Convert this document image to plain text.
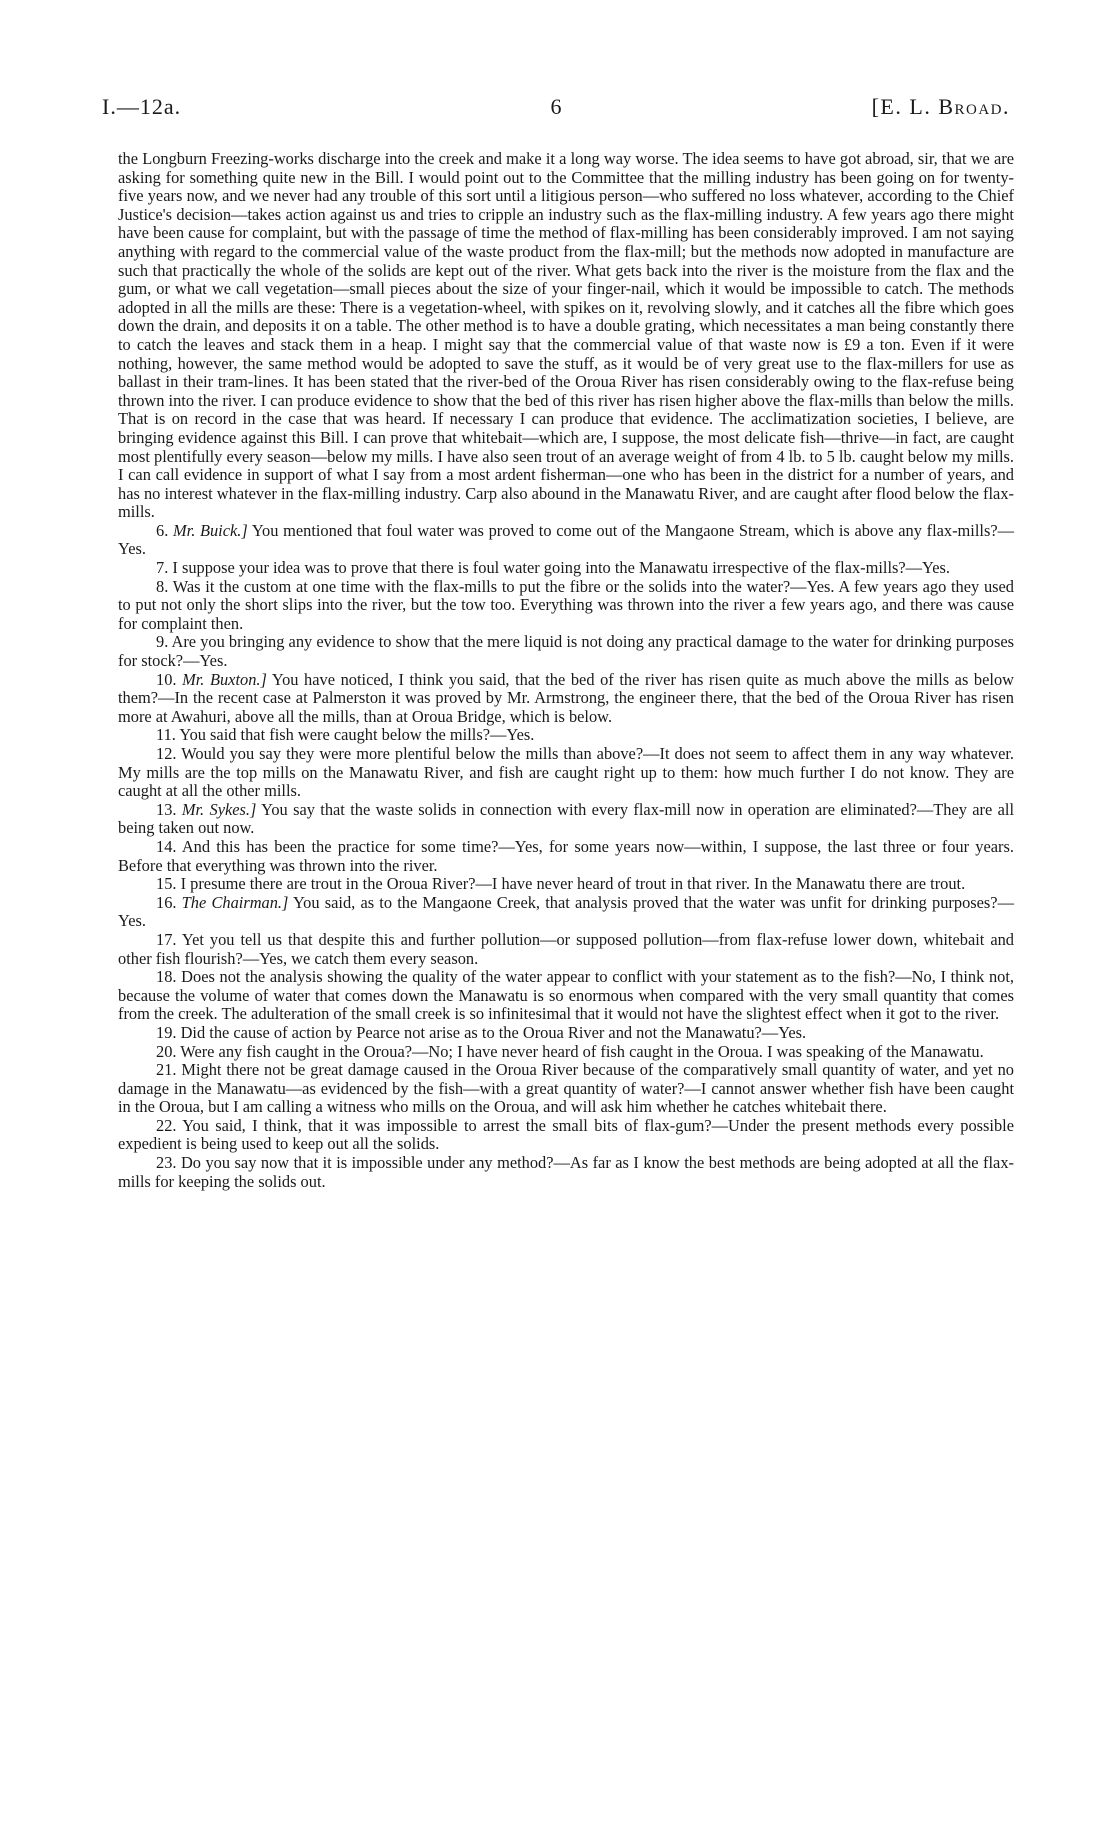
I.—12a.	6	[E. L. Broad.

the Longburn Freezing-works discharge into the creek and make it a long way worse. The idea seems to have got abroad, sir, that we are asking for something quite new in the Bill. I would point out to the Committee that the milling industry has been going on for twenty-five years now, and we never had any trouble of this sort until a litigious person—who suffered no loss whatever, according to the Chief Justice's decision—takes action against us and tries to cripple an industry such as the flax-milling industry. A few years ago there might have been cause for complaint, but with the passage of time the method of flax-milling has been considerably improved. I am not saying anything with regard to the commercial value of the waste product from the flax-mill; but the methods now adopted in manufacture are such that practically the whole of the solids are kept out of the river. What gets back into the river is the moisture from the flax and the gum, or what we call vegetation—small pieces about the size of your finger-nail, which it would be impossible to catch. The methods adopted in all the mills are these: There is a vegetation-wheel, with spikes on it, revolving slowly, and it catches all the fibre which goes down the drain, and deposits it on a table. The other method is to have a double grating, which necessitates a man being constantly there to catch the leaves and stack them in a heap. I might say that the commercial value of that waste now is £9 a ton. Even if it were nothing, however, the same method would be adopted to save the stuff, as it would be of very great use to the flax-millers for use as ballast in their tram-lines. It has been stated that the river-bed of the Oroua River has risen considerably owing to the flax-refuse being thrown into the river. I can produce evidence to show that the bed of this river has risen higher above the flax-mills than below the mills. That is on record in the case that was heard. If necessary I can produce that evidence. The acclimatization societies, I believe, are bringing evidence against this Bill. I can prove that whitebait—which are, I suppose, the most delicate fish—thrive—in fact, are caught most plentifully every season—below my mills. I have also seen trout of an average weight of from 4 lb. to 5 lb. caught below my mills. I can call evidence in support of what I say from a most ardent fisherman—one who has been in the district for a number of years, and has no interest whatever in the flax-milling industry. Carp also abound in the Manawatu River, and are caught after flood below the flax-mills.

6. Mr. Buick.] You mentioned that foul water was proved to come out of the Mangaone Stream, which is above any flax-mills?—Yes.

7. I suppose your idea was to prove that there is foul water going into the Manawatu irrespective of the flax-mills?—Yes.

8. Was it the custom at one time with the flax-mills to put the fibre or the solids into the water?—Yes. A few years ago they used to put not only the short slips into the river, but the tow too. Everything was thrown into the river a few years ago, and there was cause for complaint then.

9. Are you bringing any evidence to show that the mere liquid is not doing any practical damage to the water for drinking purposes for stock?—Yes.

10. Mr. Buxton.] You have noticed, I think you said, that the bed of the river has risen quite as much above the mills as below them?—In the recent case at Palmerston it was proved by Mr. Armstrong, the engineer there, that the bed of the Oroua River has risen more at Awahuri, above all the mills, than at Oroua Bridge, which is below.

11. You said that fish were caught below the mills?—Yes.

12. Would you say they were more plentiful below the mills than above?—It does not seem to affect them in any way whatever. My mills are the top mills on the Manawatu River, and fish are caught right up to them: how much further I do not know. They are caught at all the other mills.

13. Mr. Sykes.] You say that the waste solids in connection with every flax-mill now in operation are eliminated?—They are all being taken out now.

14. And this has been the practice for some time?—Yes, for some years now—within, I suppose, the last three or four years. Before that everything was thrown into the river.

15. I presume there are trout in the Oroua River?—I have never heard of trout in that river. In the Manawatu there are trout.

16. The Chairman.] You said, as to the Mangaone Creek, that analysis proved that the water was unfit for drinking purposes?—Yes.

17. Yet you tell us that despite this and further pollution—or supposed pollution—from flax-refuse lower down, whitebait and other fish flourish?—Yes, we catch them every season.

18. Does not the analysis showing the quality of the water appear to conflict with your statement as to the fish?—No, I think not, because the volume of water that comes down the Manawatu is so enormous when compared with the very small quantity that comes from the creek. The adulteration of the small creek is so infinitesimal that it would not have the slightest effect when it got to the river.

19. Did the cause of action by Pearce not arise as to the Oroua River and not the Manawatu?—Yes.

20. Were any fish caught in the Oroua?—No; I have never heard of fish caught in the Oroua. I was speaking of the Manawatu.

21. Might there not be great damage caused in the Oroua River because of the comparatively small quantity of water, and yet no damage in the Manawatu—as evidenced by the fish—with a great quantity of water?—I cannot answer whether fish have been caught in the Oroua, but I am calling a witness who mills on the Oroua, and will ask him whether he catches whitebait there.

22. You said, I think, that it was impossible to arrest the small bits of flax-gum?—Under the present methods every possible expedient is being used to keep out all the solids.

23. Do you say now that it is impossible under any method?—As far as I know the best methods are being adopted at all the flax-mills for keeping the solids out.
